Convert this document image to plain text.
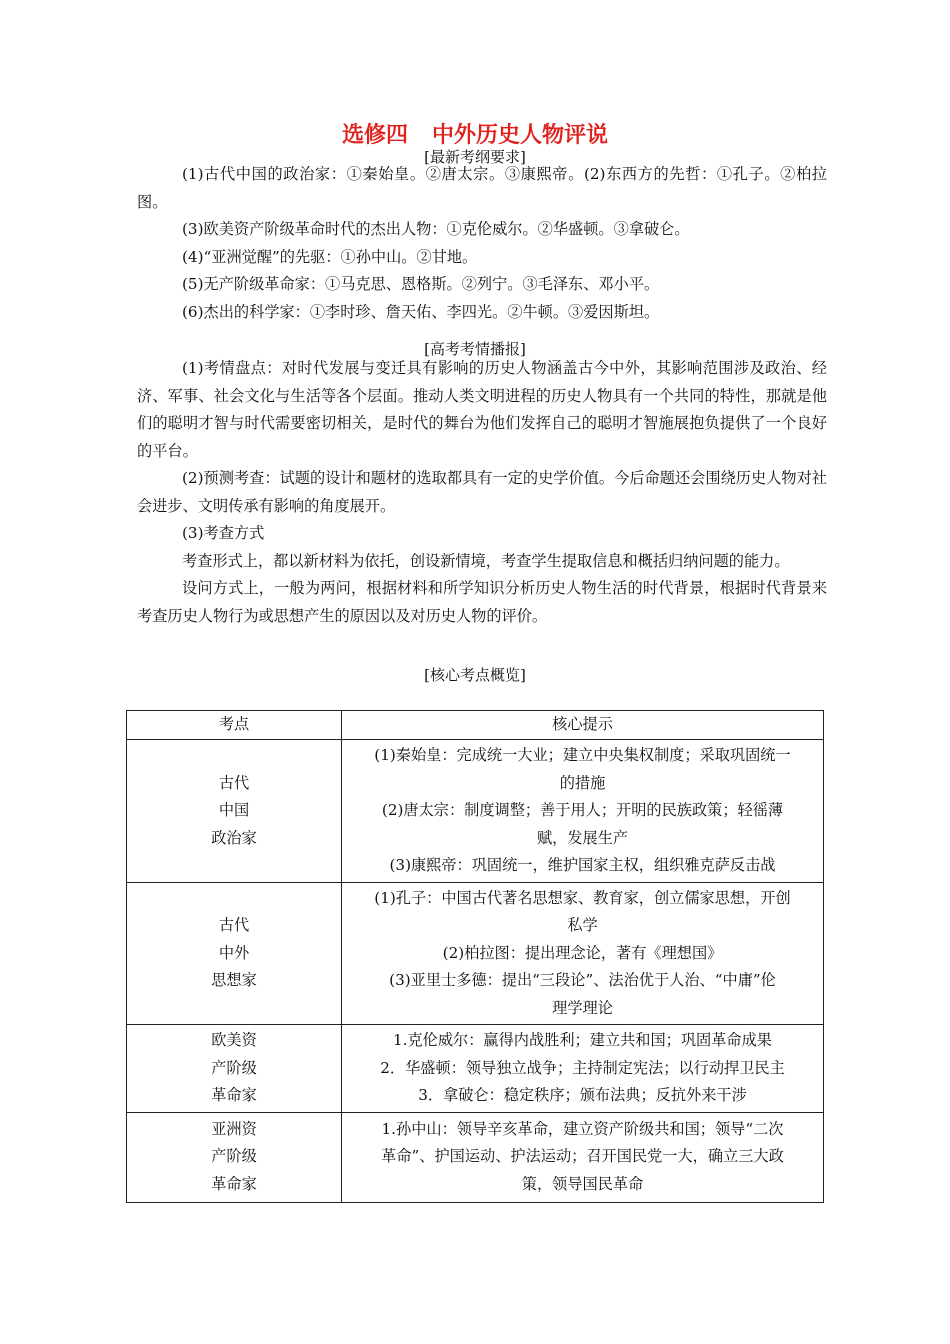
选修四 中外历史人物评说
[最新考纲要求]

(1)古代中国的政治家：①秦始皇。②唐太宗。③康熙帝。(2)东西方的先哲：①孔子。②柏拉图。

(3)欧美资产阶级革命时代的杰出人物：①克伦威尔。②华盛顿。③拿破仑。

(4)“亚洲觉醒”的先驱：①孙中山。②甘地。

(5)无产阶级革命家：①马克思、恩格斯。②列宁。③毛泽东、邓小平。

(6)杰出的科学家：①李时珍、詹天佑、李四光。②牛顿。③爱因斯坦。

[高考考情播报]

(1)考情盘点：对时代发展与变迁具有影响的历史人物涵盖古今中外，其影响范围涉及政治、经济、军事、社会文化与生活等各个层面。推动人类文明进程的历史人物具有一个共同的特性，那就是他们的聪明才智与时代需要密切相关，是时代的舞台为他们发挥自己的聪明才智施展抱负提供了一个良好的平台。

(2)预测考查：试题的设计和题材的选取都具有一定的史学价值。今后命题还会围绕历史人物对社会进步、文明传承有影响的角度展开。

(3)考查方式

考查形式上，都以新材料为依托，创设新情境，考查学生提取信息和概括归纳问题的能力。

设问方式上，一般为两问，根据材料和所学知识分析历史人物生活的时代背景，根据时代背景来考查历史人物行为或思想产生的原因以及对历史人物的评价。

[核心考点概览]
考点	核心提示

古代
中国
政治家	(1)秦始皇：完成统一大业；建立中央集权制度；采取巩固统一
的措施
(2)唐太宗：制度调整；善于用人；开明的民族政策；轻徭薄
赋，发展生产
(3)康熙帝：巩固统一，维护国家主权，组织雅克萨反击战

古代
中外
思想家	(1)孔子：中国古代著名思想家、教育家，创立儒家思想，开创
私学
(2)柏拉图：提出理念论，著有《理想国》
(3)亚里士多德：提出“三段论”、法治优于人治、“中庸”伦
理学理论

欧美资
产阶级
革命家	1.克伦威尔：赢得内战胜利；建立共和国；巩固革命成果
2．华盛顿：领导独立战争；主持制定宪法；以行动捍卫民主
3．拿破仑：稳定秩序；颁布法典；反抗外来干涉

亚洲资
产阶级
革命家	1.孙中山：领导辛亥革命，建立资产阶级共和国；领导“二次
革命”、护国运动、护法运动；召开国民党一大，确立三大政
策，领导国民革命
